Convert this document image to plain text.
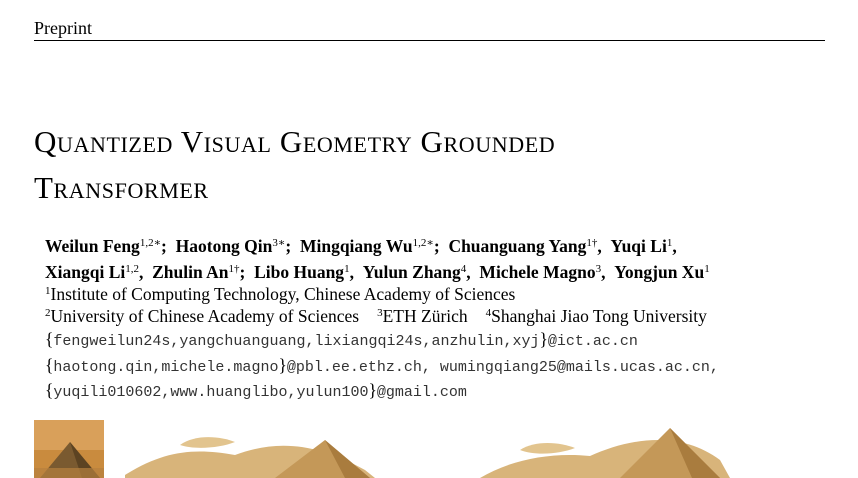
Preprint
Quantized Visual Geometry Grounded
Transformer
Weilun Feng$^{1,2∗}$; Haotong Qin$^{3∗}$; Mingqiang $Wu^{1,2∗}$; Chuanguang Yang$^{1\dagger}$, Yuqi Li$^1$,
Xiangqi Li$^{1,2}$, Zhulin $An^{1\dagger}$; Libo Huang$^1$, Yulun Zhang$^4$, Michele Magno$^3$, Yongjun Xu$^1$
$^1$Institute of Computing Technology, Chinese Academy of Sciences
$^2$University of Chinese Academy of Sciences $^3$ETH Zürich $^4$Shanghai Jiao Tong University
{fengweilun24s,yangchuanguang,lixiangqi24s,anzhulin,xyj}@ict.ac.cn
{haotong.qin,michele.magno}@pbl.ee.ethz.ch, wumingqiang25@mails.ucas.ac.cn,
{yuqili010602,www.huanglibo,yulun100}@gmail.com
